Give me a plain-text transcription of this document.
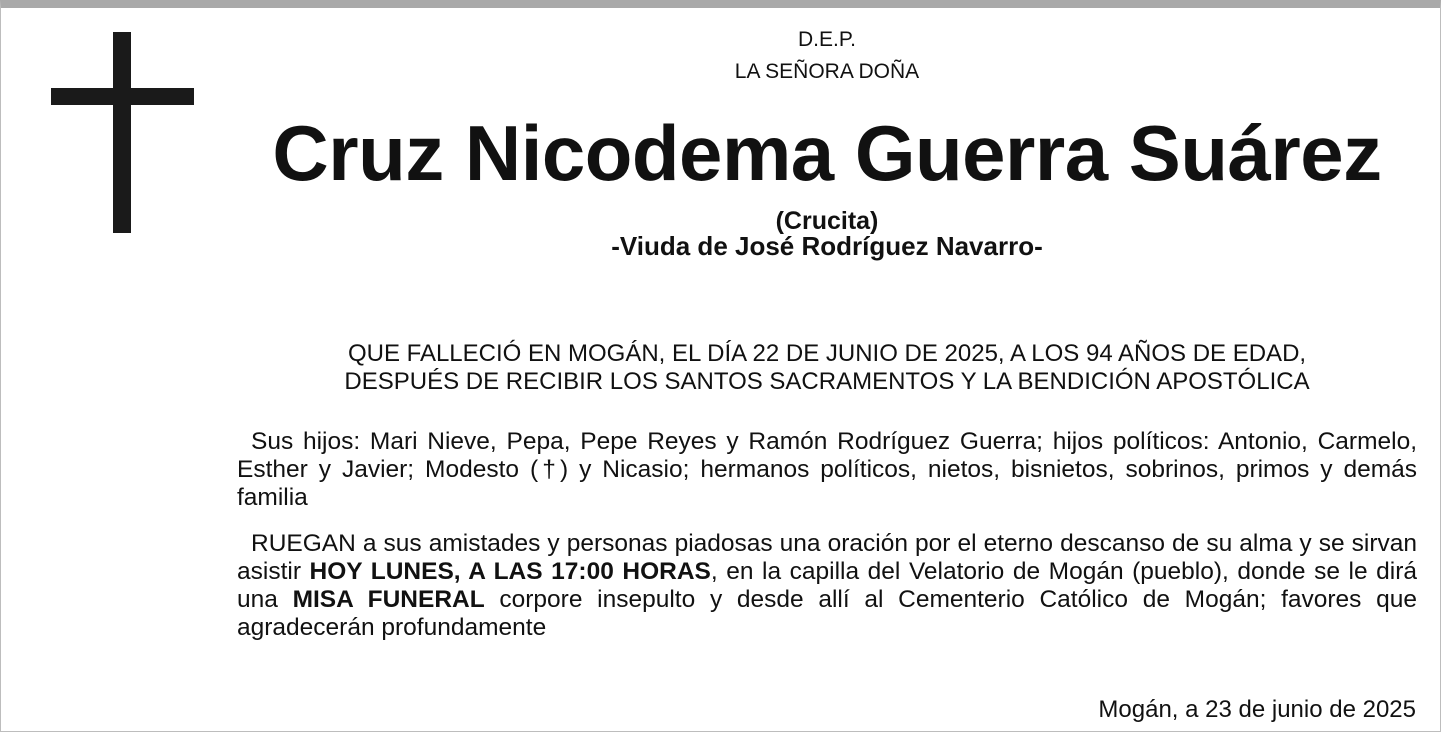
D.E.P.
LA SEÑORA DOÑA
Cruz Nicodema Guerra Suárez
(Crucita)
-Viuda de José Rodríguez Navarro-
QUE FALLECIÓ EN MOGÁN, EL DÍA 22 DE JUNIO DE 2025, A LOS 94 AÑOS DE EDAD,
DESPUÉS DE RECIBIR LOS SANTOS SACRAMENTOS Y LA BENDICIÓN APOSTÓLICA
Sus hijos: Mari Nieve, Pepa, Pepe Reyes y Ramón Rodríguez Guerra; hijos políticos: Antonio, Carmelo, Esther y Javier; Modesto (†) y Nicasio; hermanos políticos, nietos, bisnietos, sobrinos, primos y demás familia
RUEGAN a sus amistades y personas piadosas una oración por el eterno descanso de su alma y se sirvan asistir HOY LUNES, A LAS 17:00 HORAS, en la capilla del Velatorio de Mogán (pueblo), donde se le dirá una MISA FUNERAL corpore insepulto y desde allí al Cementerio Católico de Mogán; favores que agradecerán profundamente
Mogán, a 23 de junio de 2025
